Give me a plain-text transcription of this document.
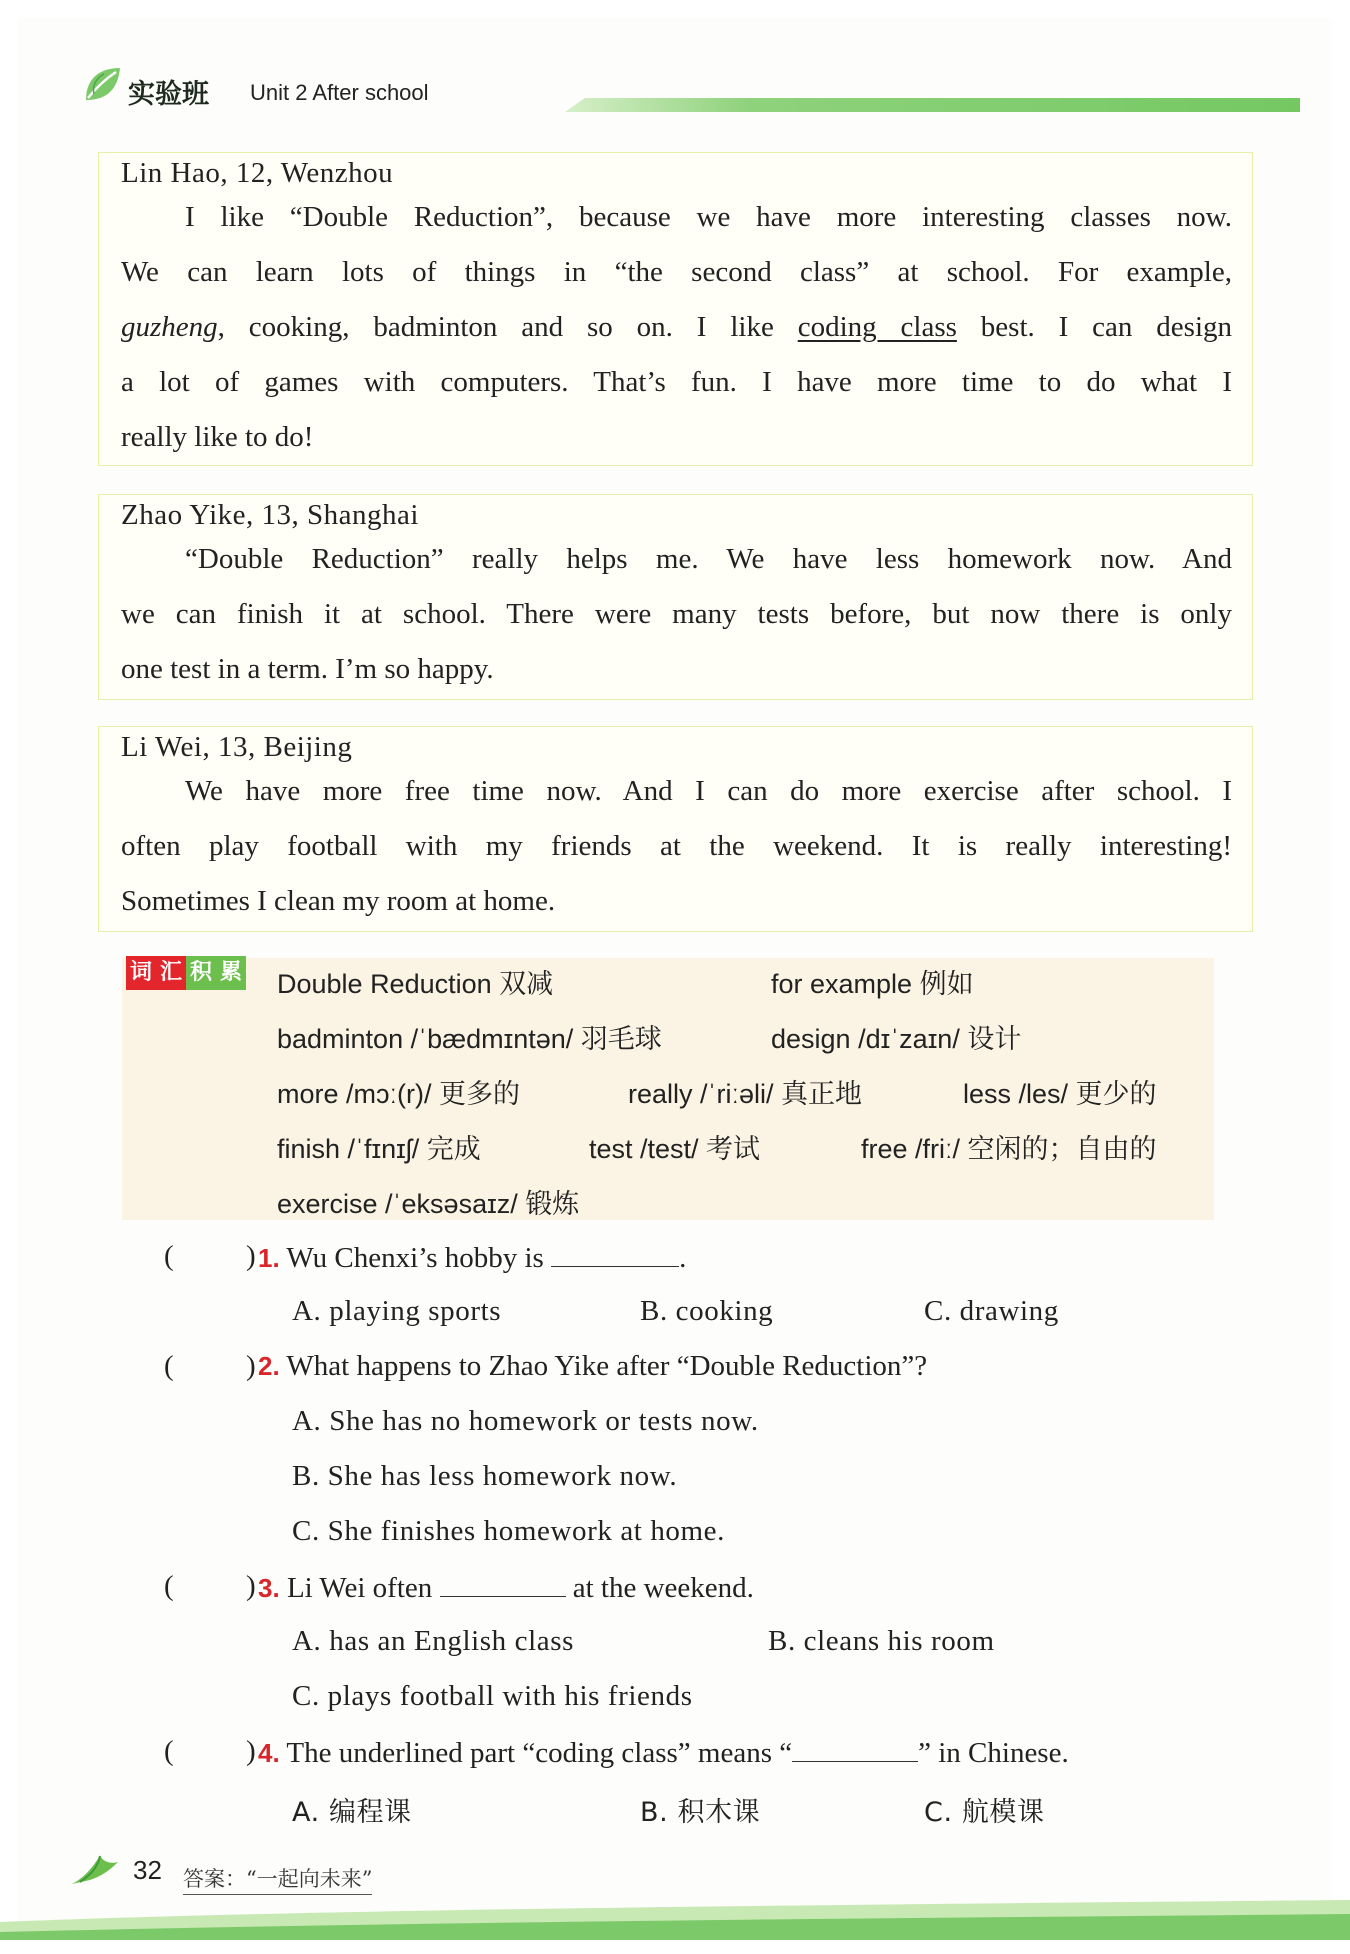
实验班 Unit 2 After school
Lin Hao, 12, Wenzhou
I like “Double Reduction”, because we have more interesting classes now.
We can learn lots of things in “the second class” at school. For example,
guzheng, cooking, badminton and so on. I like coding class best. I can design
a lot of games with computers. That’s fun. I have more time to do what I
really like to do!
Zhao Yike, 13, Shanghai
“Double Reduction” really helps me. We have less homework now. And
we can finish it at school. There were many tests before, but now there is only
one test in a term. I’m so happy.
Li Wei, 13, Beijing
We have more free time now. And I can do more exercise after school. I
often play football with my friends at the weekend. It is really interesting!
Sometimes I clean my room at home.
词 汇 积 累 Double Reduction 双减	for example 例如
badminton /ˈbædmɪntən/ 羽毛球	design /dɪˈzaɪn/ 设计
more /mɔː(r)/ 更多的	really /ˈriːəli/ 真正地	less /les/ 更少的
finish /ˈfɪnɪʃ/ 完成	test /test/ 考试	free /friː/ 空闲的；自由的
exercise /ˈeksəsaɪz/ 锻炼
( ) 1. Wu Chenxi’s hobby is	.
A. playing sports	B. cooking	C. drawing
( ) 2. What happens to Zhao Yike after “Double Reduction”?
A. She has no homework or tests now.
B. She has less homework now.
C. She finishes homework at home.
( ) 3. Li Wei often	at the weekend.
A. has an English class	B. cleans his room
C. plays football with his friends
( ) 4. The underlined part “coding class” means “	” in Chinese.
A. 编程课	B. 积木课	C. 航模课
32 答案：“一起向未来”
